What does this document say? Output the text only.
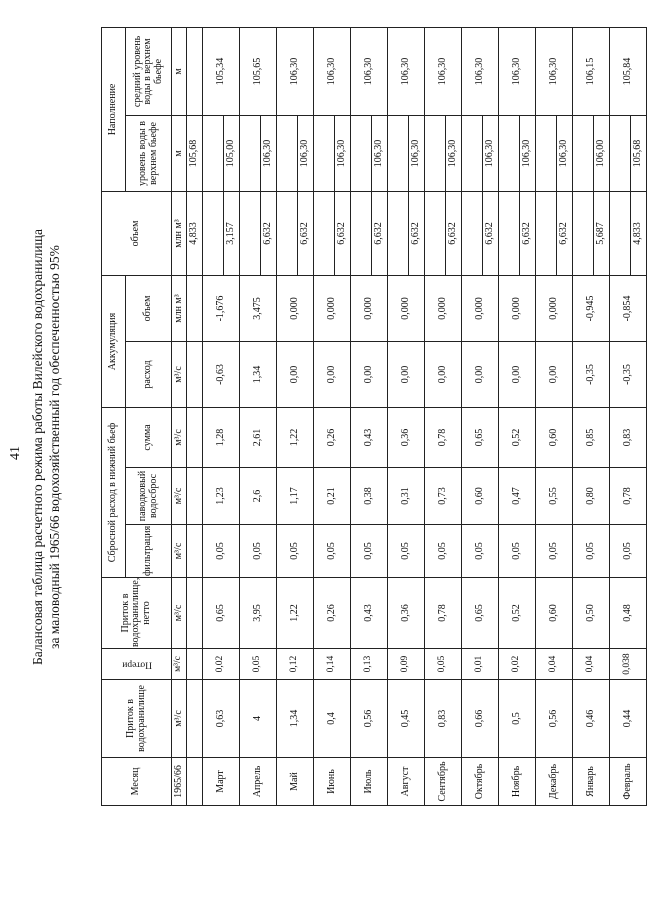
41 Балансовая таблица расчетного режима работы Вилейского водохранилища за маловодный 1965/66 водохозяйственный год обеспеченностью 95%
Месяц	Приток в водохранилище	Потери	Приток в водохранилище, нетто	Сбросной расход в нижний бьеф			Аккумуляция		объем	Наполнение	
				фильтрация	паводковый водосброс	сумма	расход	объем		уровень воды в верхнем бьефе	средний уровень воды в верхнем бьефе
1965/66	м³/с	м³/с	м³/с	м³/с	м³/с	м³/с	м³/с	млн м³	млн м³	м	м
									4,833	105,68	
Март	0,63	0,02	0,65	0,05	1,23	1,28	-0,63	-1,676			105,34
									3,157	105,00	
Апрель	4	0,05	3,95	0,05	2,6	2,61	1,34	3,475			105,65
									6,632	106,30	
Май	1,34	0,12	1,22	0,05	1,17	1,22	0,00	0,000			106,30
									6,632	106,30	
Июнь	0,4	0,14	0,26	0,05	0,21	0,26	0,00	0,000			106,30
									6,632	106,30	
Июль	0,56	0,13	0,43	0,05	0,38	0,43	0,00	0,000			106,30
									6,632	106,30	
Август	0,45	0,09	0,36	0,05	0,31	0,36	0,00	0,000			106,30
									6,632	106,30	
Сентябрь	0,83	0,05	0,78	0,05	0,73	0,78	0,00	0,000			106,30
									6,632	106,30	
Октябрь	0,66	0,01	0,65	0,05	0,60	0,65	0,00	0,000			106,30
									6,632	106,30	
Ноябрь	0,5	0,02	0,52	0,05	0,47	0,52	0,00	0,000			106,30
									6,632	106,30	
Декабрь	0,56	0,04	0,60	0,05	0,55	0,60	0,00	0,000			106,30
									6,632	106,30	
Январь	0,46	0,04	0,50	0,05	0,80	0,85	-0,35	-0,945			106,15
									5,687	106,00	
Февраль	0,44	0,038	0,48	0,05	0,78	0,83	-0,35	-0,854			105,84
									4,833	105,68	
